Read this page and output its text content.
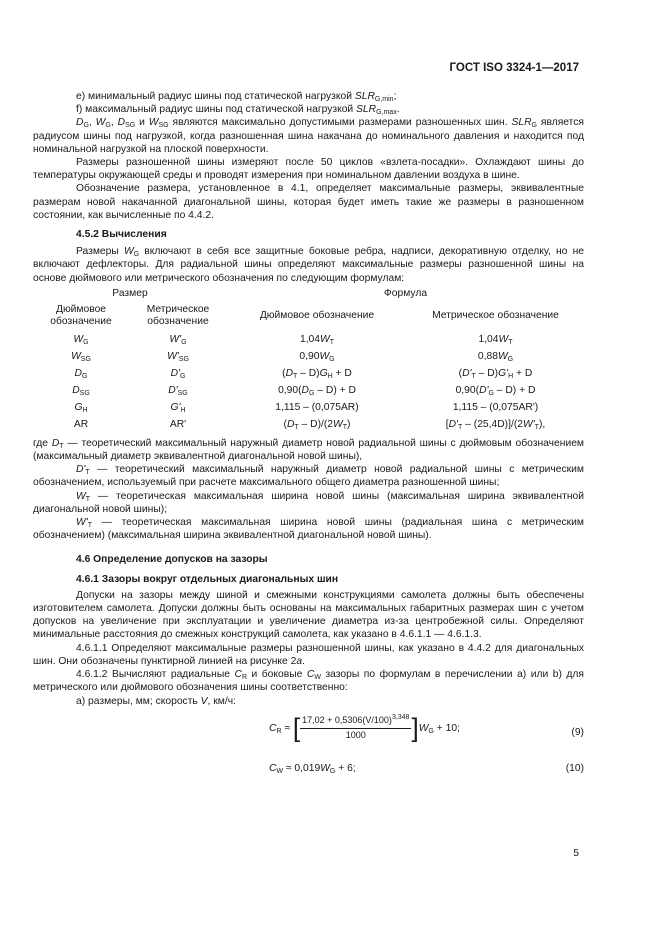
ГОСТ ISO 3324-1—2017

e) минимальный радиус шины под статической нагрузкой $SLR_{G,min}$;

f) максимальный радиус шины под статической нагрузкой $SLR_{G,max}$.

$D_G$, $W_G$, $D_{SG}$ и $W_{SG}$ являются максимально допустимыми размерами разношенных шин. $SLR_G$ является радиусом шины под нагрузкой, когда разношенная шина накачана до номинального давления и находится под номинальной нагрузкой на плоской поверхности.

Размеры разношенной шины измеряют после 50 циклов «взлета-посадки». Охлаждают шины до температуры окружающей среды и проводят измерения при номинальном давлении воздуха в шине.

Обозначение размера, установленное в 4.1, определяет максимальные размеры, эквивалентные размерам новой накачанной диагональной шины, которая будет иметь такие же размеры в разношенном состоянии, как вычисленные по 4.4.2.

4.5.2 Вычисления

Размеры $W_G$ включают в себя все защитные боковые ребра, надписи, декоративную отделку, но не включают дефлекторы. Для радиальной шины определяют максимальные размеры разношенной шины на основе дюймового или метрического обозначения по следующим формулам:

Размер		Формула	
Дюймовое обозначение	Метрическое обозначение	Дюймовое обозначение	Метрическое обозначение
$W_G$	$W'_G$	$1,04W_T$	$1,04W_T$
$W_{SG}$	$W'_{SG}$	$0,90W_G$	$0,88W_G$
$D_G$	$D'_G$	$(D_T - D)G_H + D$	$(D'_T - D)G'_H + D$
$D_{SG}$	$D'_{SG}$	$0,90(D_G - D) + D$	$0,90(D'_G - D) + D$
$G_H$	$G'_H$	1,115 – (0,075AR)	1,115 – (0,075AR')
AR	AR'	$(D_T - D)/(2W_T)$	$[D'_T - (25,4D)]/(2W'_T)$,

где $D_T$ — теоретический максимальный наружный диаметр новой радиальной шины с дюймовым обозначением (максимальный диаметр эквивалентной диагональной новой шины),

$D'_T$ — теоретический максимальный наружный диаметр новой радиальной шины с метрическим обозначением, используемый при расчете максимального общего диаметра разношенной шины;

$W_T$ — теоретическая максимальная ширина новой шины (максимальная ширина эквивалентной диагональной новой шины);

$W'_T$ — теоретическая максимальная ширина новой шины (радиальная шина с метрическим обозначением) (максимальная ширина эквивалентной диагональной новой шины).

4.6 Определение допусков на зазоры

4.6.1 Зазоры вокруг отдельных диагональных шин

Допуски на зазоры между шиной и смежными конструкциями самолета должны быть обеспечены изготовителем самолета. Допуски должны быть основаны на максимальных габаритных размерах шин с учетом допусков на увеличение при эксплуатации и увеличение диаметра из-за центробежной силы. Определяют минимальные расстояния до смежных конструкций самолета, как указано в 4.6.1.1 — 4.6.1.3.

4.6.1.1 Определяют максимальные размеры разношенной шины, как указано в 4.4.2 для диагональных шин. Они обозначены пунктирной линией на рисунке 2а.

4.6.1.2 Вычисляют радиальные $C_R$ и боковые $C_W$ зазоры по формулам в перечислении a) или b) для метрического или дюймового обозначения шины соответственно:

а) размеры, мм; скорость V, км/ч:

$C_R$ ≈ [ $\frac{17,02 + 0,5306(V/100)^{3,348}}{1000} ]W_G + 10$;	(9)
$C_W \approx 0,019W_G + 6$;	(10)
5
